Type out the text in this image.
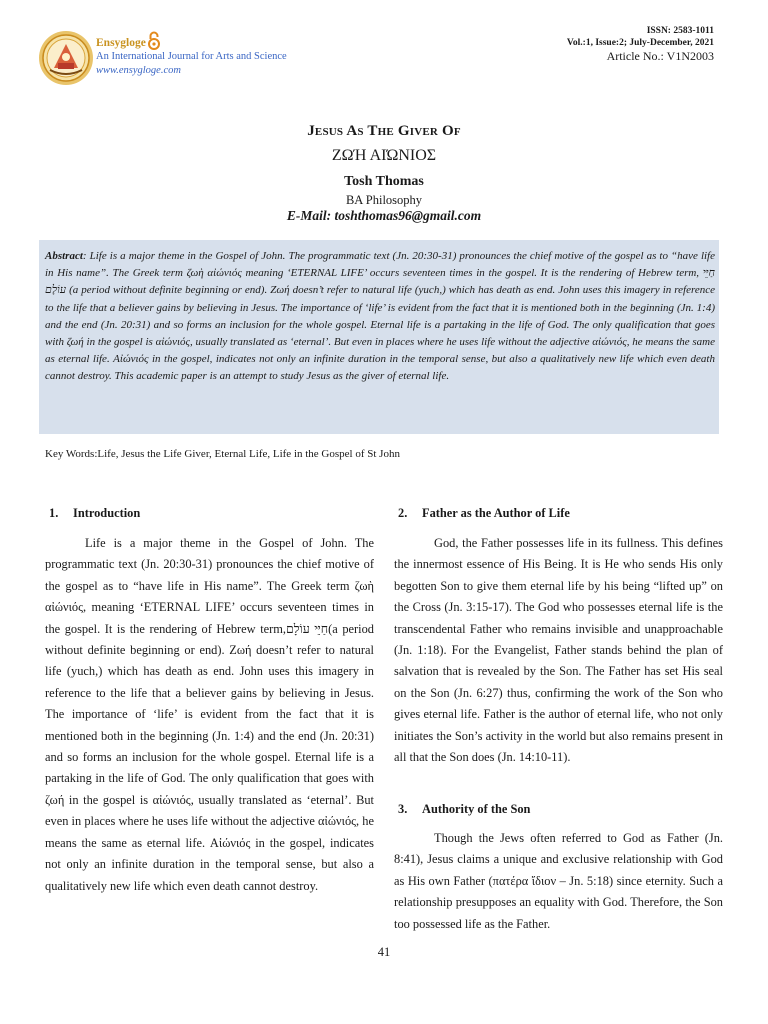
Ensygloge
An International Journal for Arts and Science
www.ensygloge.com
ISSN: 2583-1011
Vol.:1, Issue:2; July-December, 2021
Article No.: V1N2003
Jesus As The Giver Of
ΖΩΉ ΑΙΏΝΙΟΣ
Tosh Thomas
BA Philosophy
E-Mail: toshthomas96@gmail.com
Abstract: Life is a major theme in the Gospel of John. The programmatic text (Jn. 20:30-31) pronounces the chief motive of the gospel as to “have life in His name”. The Greek term ζωὴ αἰώνιός meaning ‘ETERNAL LIFE’ occurs seventeen times in the gospel. It is the rendering of Hebrew term, חַיֵּי עוֹלָם (a period without definite beginning or end). Ζωή doesn’t refer to natural life (yuch,) which has death as end. John uses this imagery in reference to the life that a believer gains by believing in Jesus. The importance of ‘life’ is evident from the fact that it is mentioned both in the beginning (Jn. 1:4) and the end (Jn. 20:31) and so forms an inclusion for the whole gospel. Eternal life is a partaking in the life of God. The only qualification that goes with ζωή in the gospel is αἰώνιός, usually translated as ‘eternal’. But even in places where he uses life without the adjective αἰώνιός, he means the same as eternal life. Αἰώνιός in the gospel, indicates not only an infinite duration in the temporal sense, but also a qualitatively new life which even death cannot destroy. This academic paper is an attempt to study Jesus as the giver of eternal life.
Key Words:Life, Jesus the Life Giver, Eternal Life, Life in the Gospel of St John
1. Introduction	2. Father as the Author of Life
3. Authority of the Son

Life is a major theme in the Gospel of John. The programmatic text (Jn. 20:30-31) pronounces the chief motive of the gospel as to “have life in His name”. The Greek term ζωὴ αἰώνιός, meaning ‘ETERNAL LIFE’ occurs seventeen times in the gospel. It is the rendering of Hebrew term,חַיֵּי עוֹלָם(a period without definite beginning or end). Ζωή doesn’t refer to natural life (yuch,) which has death as end. John uses this imagery in reference to the life that a believer gains by believing in Jesus. The importance of ‘life’ is evident from the fact that it is mentioned both in the beginning (Jn. 1:4) and the end (Jn. 20:31) and so forms an inclusion for the whole gospel. Eternal life is a partaking in the life of God. The only qualification that goes with ζωή in the gospel is αἰώνιός, usually translated as ‘eternal’. But even in places where he uses life without the adjective αἰώνιός, he means the same as eternal life. Αἰώνιός in the gospel, indicates not only an infinite duration in the temporal sense, but also a qualitatively new life which even death cannot destroy.

God, the Father possesses life in its fullness. This defines the innermost essence of His Being. It is He who sends His only begotten Son to give them eternal life by his being “lifted up” on the Cross (Jn. 3:15-17). The God who possesses eternal life is the transcendental Father who remains invisible and unapproachable (Jn. 1:18). For the Evangelist, Father stands behind the plan of salvation that is revealed by the Son. The Father has set His seal on the Son (Jn. 6:27) thus, confirming the work of the Son who gives eternal life. Father is the author of eternal life, who not only initiates the Son’s activity in the world but also remains present in all that the Son does (Jn. 14:10-11).

Though the Jews often referred to God as Father (Jn. 8:41), Jesus claims a unique and exclusive relationship with God as His own Father (πατέρα ἴδιον – Jn. 5:18) since eternity. Such a relationship presupposes an equality with God. Therefore, the Son too possessed life as the Father.

41
